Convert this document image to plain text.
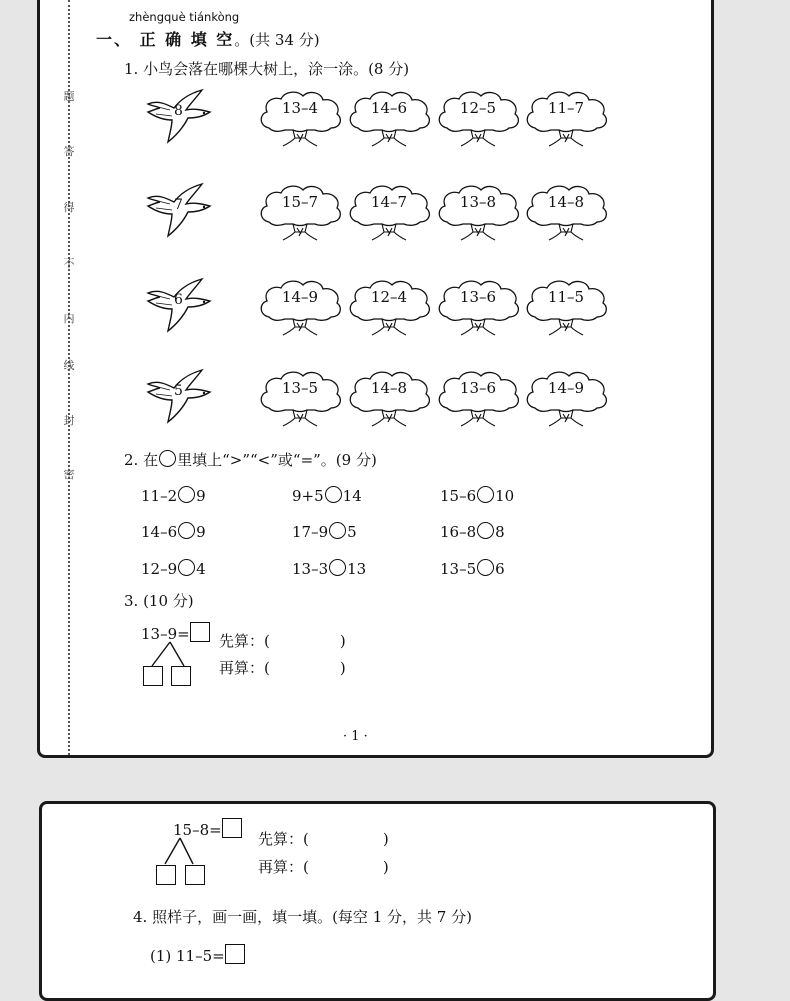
题
答
得
不
内
线
封
密
zhèngquè tiánkòng
一、 正 确 填 空。(共 34 分)
1. 小鸟会落在哪棵大树上，涂一涂。(8 分)
8	13–4	14–6	12–5	11–7
7	15–7	14–7	13–8	14–8
6	14–9	12–4	13–6	11–5
5	13–5	14–8	13–6	14–9
2. 在 里填上“>”“<”或“=”。(9 分)
11–2 9	9+5 14	15–6 10
14–6 9	17–9 5	16–8 8
12–9 4	13–3 13	13–5 6
3. (10 分)
13–9=	先算：(	)
再算：(	)
· 1 ·
15–8=	先算：(	)
再算：(	)
4. 照样子，画一画，填一填。(每空 1 分，共 7 分)
(1) 11–5=
